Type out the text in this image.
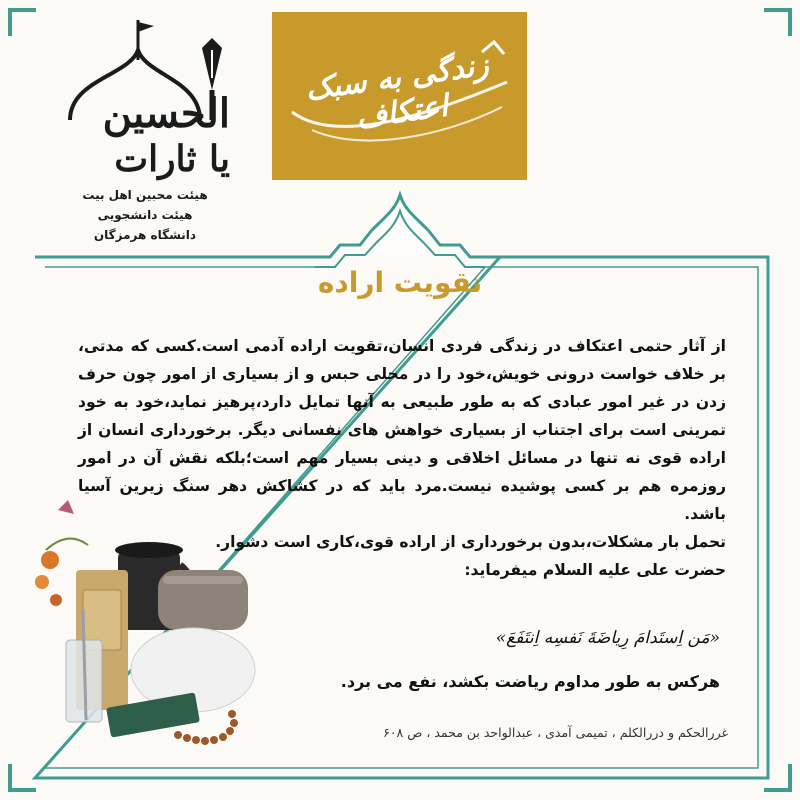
الحسین
یا ثارات
هیئت محبین اهل بیت
هیئت دانشجویی
دانشگاه هرمزگان
زندگی به سبک اعتکاف
تقویت اراده

از آثار حتمی اعتکاف در زندگی فردی انسان،تقویت اراده آدمی است.کسی که مدتی، بر خلاف خواست درونی خویش،خود را در محلی حبس و از بسیاری از امور چون حرف زدن در غیر امور عبادی که به طور طبیعی به آنها تمایل دارد،پرهیز نماید،خود به خود تمرینی است برای اجتناب از بسیاری خواهش های نفسانی دیگر. برخورداری انسان از اراده قوی نه تنها در مسائل اخلاقی و دینی بسیار مهم است؛بلکه نقش آن در امور روزمره هم بر کسی پوشیده نیست.مرد باید که در کشاکش دهر سنگ زیرین آسیا باشد.

تحمل بار مشکلات،بدون برخورداری از اراده قوی،کاری است دشوار.

حضرت علی علیه السلام میفرماید:

«مَن اِستَدامَ رِیاضَةَ نَفسِه اِنتَفَعَ»
هرکس به طور مداوم ریاضت بکشد، نفع می برد.
غررالحکم و دررالکلم ، تمیمی آمدی ، عبدالواحد بن محمد ، ص ۶۰۸
